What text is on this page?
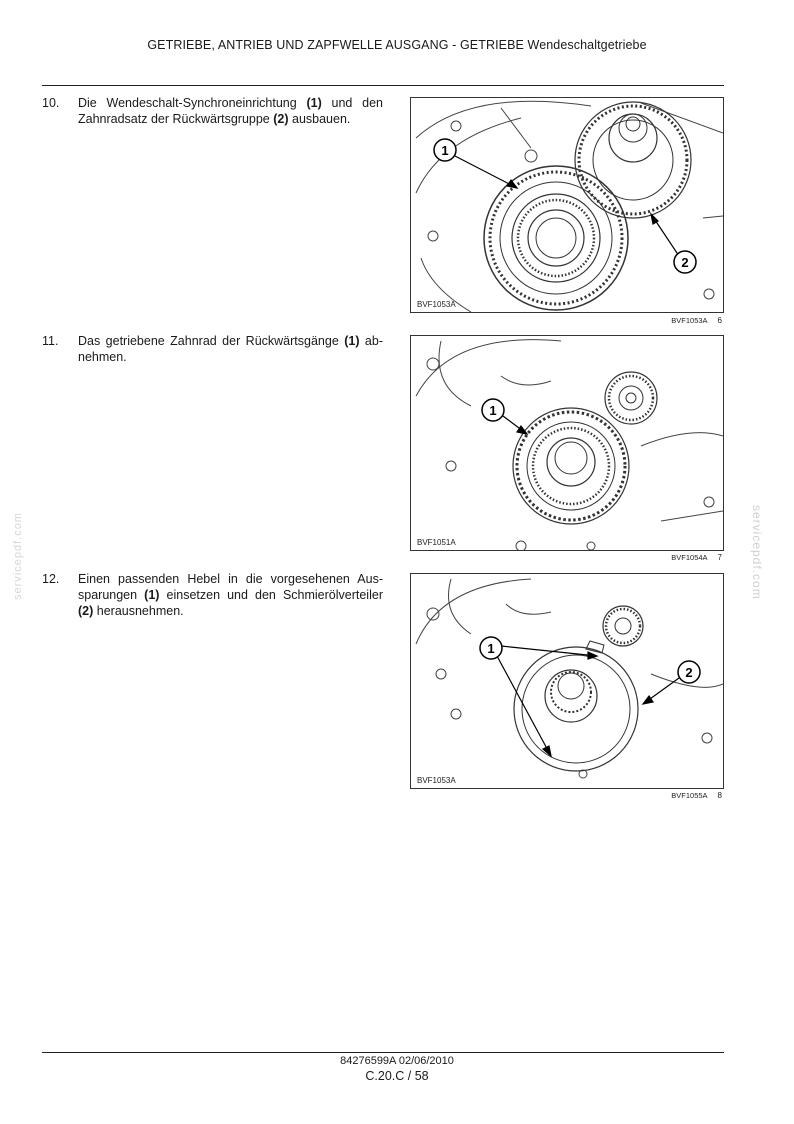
GETRIEBE, ANTRIEB UND ZAPFWELLE AUSGANG - GETRIEBE Wendeschaltgetriebe
10.	Die Wendeschalt-Synchroneinrichtung (1) und den Zahnradsatz der Rückwärtsgruppe (2) ausbauen.
1
2
BVF1053A
BVF1053A 6
11.	Das getriebene Zahnrad der Rückwärtsgänge (1) ab-nehmen.
1
BVF1051A
BVF1054A 7
12.	Einen passenden Hebel in die vorgesehenen Aus-sparungen (1) einsetzen und den Schmierölverteiler (2) herausnehmen.
1
2
BVF1053A
BVF1055A 8
servicepdf.com	servicepdf.com
84276599A 02/06/2010
C.20.C / 58
